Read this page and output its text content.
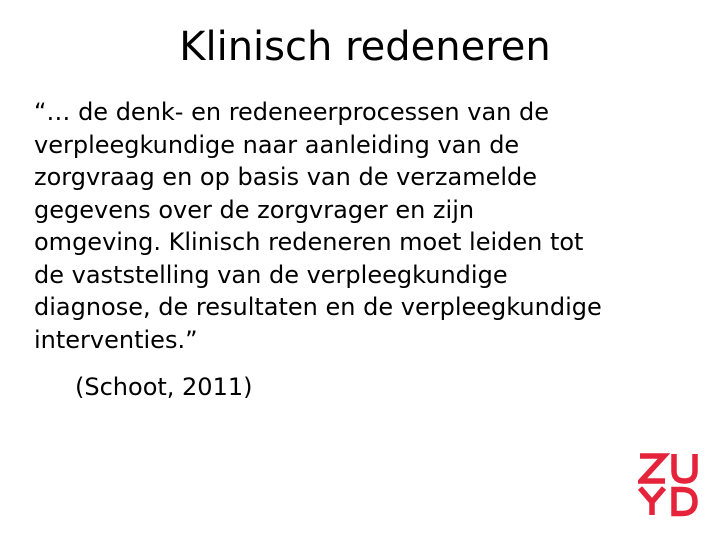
Klinisch redeneren
“… de denk- en redeneerprocessen van de
verpleegkundige naar aanleiding van de
zorgvraag en op basis van de verzamelde
gegevens over de zorgvrager en zijn
omgeving. Klinisch redeneren moet leiden tot
de vaststelling van de verpleegkundige
diagnose, de resultaten en de verpleegkundige
interventies.”
(Schoot, 2011)
